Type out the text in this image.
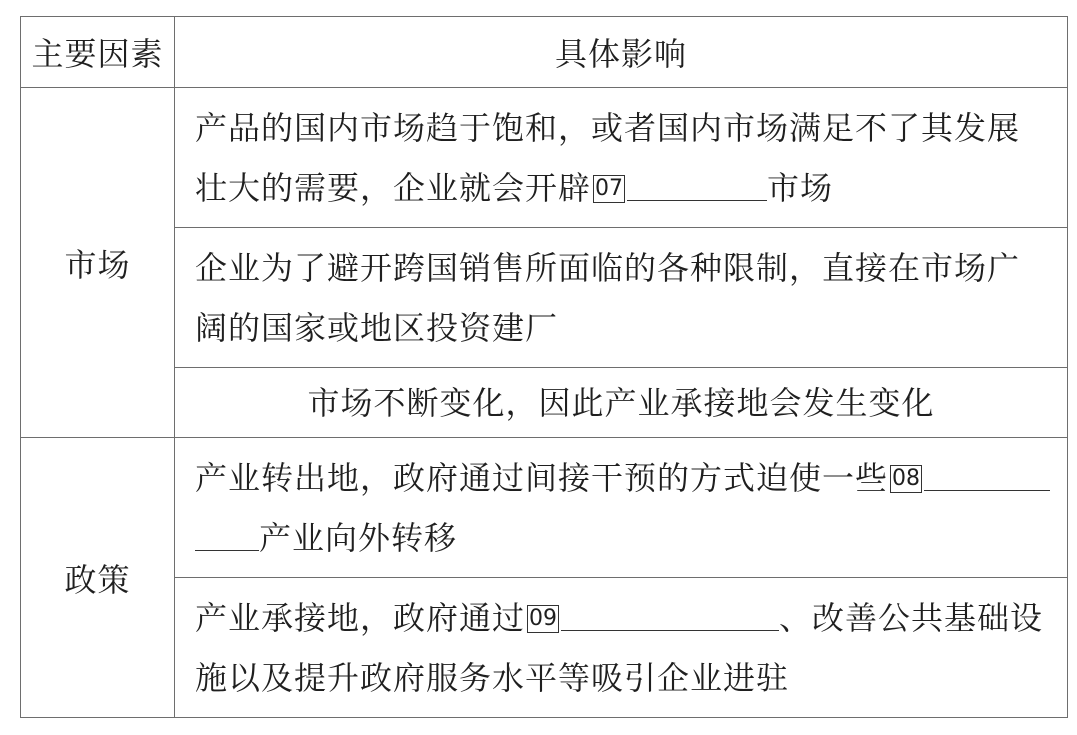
主要因素	具体影响
市场	产品的国内市场趋于饱和，或者国内市场满足不了其发展壮大的需要，企业就会开辟 07 市场
	企业为了避开跨国销售所面临的各种限制，直接在市场广阔的国家或地区投资建厂
	市场不断变化，因此产业承接地会发生变化
政策	产业转出地，政府通过间接干预的方式迫使一些 08
产业向外转移
	产业承接地，政府通过 09 、改善公共基础设施以及提升政府服务水平等吸引企业进驻
